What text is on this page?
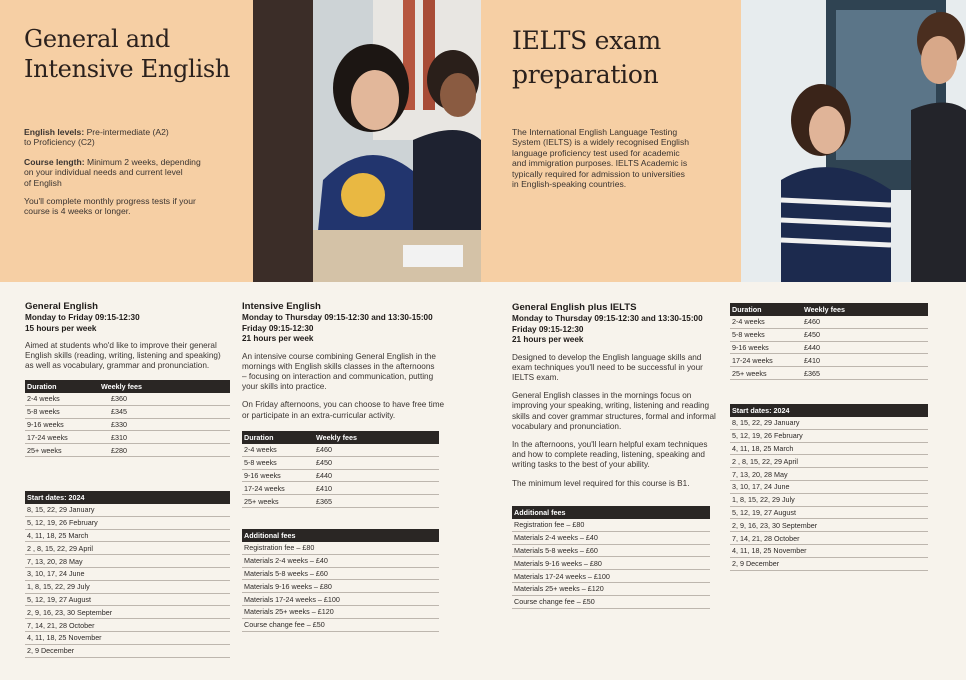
General and
Intensive English
English levels: Pre-intermediate (A2)
to Proficiency (C2)
Course length: Minimum 2 weeks, depending
on your individual needs and current level
of English
You'll complete monthly progress tests if your
course is 4 weeks or longer.
IELTS exam
preparation
The International English Language Testing
System (IELTS) is a widely recognised English
language proficiency test used for academic
and immigration purposes. IELTS Academic is
typically required for admission to universities
in English-speaking countries.
General English
Monday to Friday 09:15-12:30
15 hours per week
Aimed at students who'd like to improve their general
English skills (reading, writing, listening and speaking)
as well as vocabulary, grammar and pronunciation.
Duration	Weekly fees
2-4 weeks	£360
5-8 weeks	£345
9-16 weeks	£330
17-24 weeks	£310
25+ weeks	£280
Start dates: 2024
8, 15, 22, 29 January
5, 12, 19, 26 February
4, 11, 18, 25 March
2 , 8, 15, 22, 29 April
7, 13, 20, 28 May
3, 10, 17, 24 June
1, 8, 15, 22, 29 July
5, 12, 19, 27 August
2, 9, 16, 23, 30 September
7, 14, 21, 28 October
4, 11, 18, 25 November
2, 9 December
Intensive English
Monday to Thursday 09:15-12:30 and 13:30-15:00
Friday 09:15-12:30
21 hours per week
An intensive course combining General English in the
mornings with English skills classes in the afternoons
– focusing on interaction and communication, putting
your skills into practice.
On Friday afternoons, you can choose to have free time
or participate in an extra-curricular activity.
Duration	Weekly fees
2-4 weeks	£460
5-8 weeks	£450
9-16 weeks	£440
17-24 weeks	£410
25+ weeks	£365
Additional fees
Registration fee – £80
Materials 2-4 weeks – £40
Materials 5-8 weeks – £60
Materials 9-16 weeks – £80
Materials 17-24 weeks – £100
Materials 25+ weeks – £120
Course change fee – £50
General English plus IELTS
Monday to Thursday 09:15-12:30 and 13:30-15:00
Friday 09:15-12:30
21 hours per week
Designed to develop the English language skills and
exam techniques you'll need to be successful in your
IELTS exam.
General English classes in the mornings focus on
improving your speaking, writing, listening and reading
skills and cover grammar structures, formal and informal
vocabulary and pronunciation.
In the afternoons, you'll learn helpful exam techniques
and how to complete reading, listening, speaking and
writing tasks to the best of your ability.
The minimum level required for this course is B1.
Additional fees
Registration fee – £80
Materials 2-4 weeks – £40
Materials 5-8 weeks – £60
Materials 9-16 weeks – £80
Materials 17-24 weeks – £100
Materials 25+ weeks – £120
Course change fee – £50
Duration	Weekly fees
2-4 weeks	£460
5-8 weeks	£450
9-16 weeks	£440
17-24 weeks	£410
25+ weeks	£365
Start dates: 2024
8, 15, 22, 29 January
5, 12, 19, 26 February
4, 11, 18, 25 March
2 , 8, 15, 22, 29 April
7, 13, 20, 28 May
3, 10, 17, 24 June
1, 8, 15, 22, 29 July
5, 12, 19, 27 August
2, 9, 16, 23, 30 September
7, 14, 21, 28 October
4, 11, 18, 25 November
2, 9 December
